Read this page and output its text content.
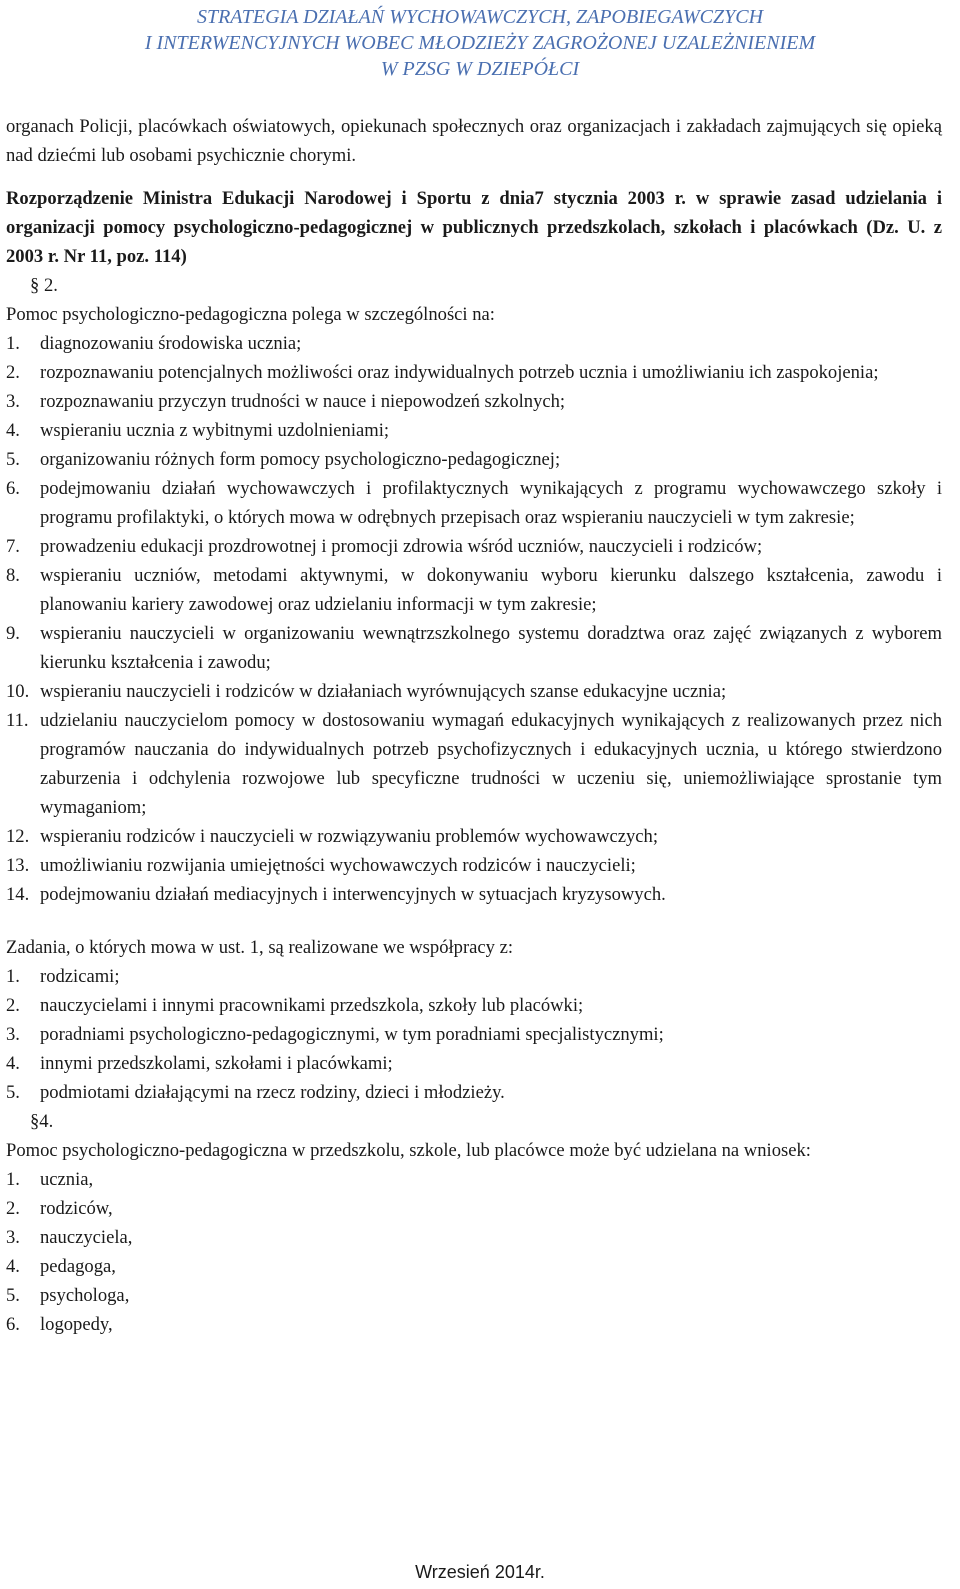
STRATEGIA DZIAŁAŃ WYCHOWAWCZYCH, ZAPOBIEGAWCZYCH
I INTERWENCYJNYCH WOBEC MŁODZIEŻY ZAGROŻONEJ UZALEŻNIENIEM
W PZSG W DZIEPÓŁCI

organach Policji, placówkach oświatowych, opiekunach społecznych oraz organizacjach i zakładach zajmujących się opieką nad dziećmi lub osobami psychicznie chorymi.

Rozporządzenie Ministra Edukacji Narodowej i Sportu z dnia7 stycznia 2003 r. w sprawie zasad udzielania i organizacji pomocy psychologiczno-pedagogicznej w publicznych przedszkolach, szkołach i placówkach (Dz. U. z 2003 r. Nr 11, poz. 114)

§ 2.

Pomoc psychologiczno-pedagogiczna polega w szczególności na:

1. diagnozowaniu środowiska ucznia;
2. rozpoznawaniu potencjalnych możliwości oraz indywidualnych potrzeb ucznia i umożliwianiu ich zaspokojenia;
3. rozpoznawaniu przyczyn trudności w nauce i niepowodzeń szkolnych;
4. wspieraniu ucznia z wybitnymi uzdolnieniami;
5. organizowaniu różnych form pomocy psychologiczno-pedagogicznej;
6. podejmowaniu działań wychowawczych i profilaktycznych wynikających z programu wychowawczego szkoły i programu profilaktyki, o których mowa w odrębnych przepisach oraz wspieraniu nauczycieli w tym zakresie;
7. prowadzeniu edukacji prozdrowotnej i promocji zdrowia wśród uczniów, nauczycieli i rodziców;
8. wspieraniu uczniów, metodami aktywnymi, w dokonywaniu wyboru kierunku dalszego kształcenia, zawodu i planowaniu kariery zawodowej oraz udzielaniu informacji w tym zakresie;
9. wspieraniu nauczycieli w organizowaniu wewnątrzszkolnego systemu doradztwa oraz zajęć związanych z wyborem kierunku kształcenia i zawodu;
10. wspieraniu nauczycieli i rodziców w działaniach wyrównujących szanse edukacyjne ucznia;
11. udzielaniu nauczycielom pomocy w dostosowaniu wymagań edukacyjnych wynikających z realizowanych przez nich programów nauczania do indywidualnych potrzeb psychofizycznych i edukacyjnych ucznia, u którego stwierdzono zaburzenia i odchylenia rozwojowe lub specyficzne trudności w uczeniu się, uniemożliwiające sprostanie tym wymaganiom;
12. wspieraniu rodziców i nauczycieli w rozwiązywaniu problemów wychowawczych;
13. umożliwianiu rozwijania umiejętności wychowawczych rodziców i nauczycieli;
14. podejmowaniu działań mediacyjnych i interwencyjnych w sytuacjach kryzysowych.

Zadania, o których mowa w ust. 1, są realizowane we współpracy z:

1. rodzicami;
2. nauczycielami i innymi pracownikami przedszkola, szkoły lub placówki;
3. poradniami psychologiczno-pedagogicznymi, w tym poradniami specjalistycznymi;
4. innymi przedszkolami, szkołami i placówkami;
5. podmiotami działającymi na rzecz rodziny, dzieci i młodzieży.

§4.

Pomoc psychologiczno-pedagogiczna w przedszkolu, szkole, lub placówce może być udzielana na wniosek:

1. ucznia,
2. rodziców,
3. nauczyciela,
4. pedagoga,
5. psychologa,
6. logopedy,
Wrzesień 2014r.
